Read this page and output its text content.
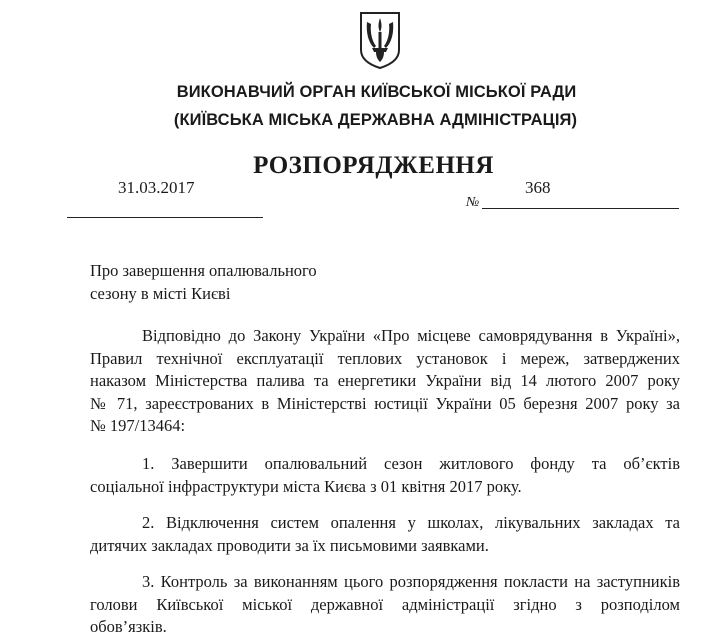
ВИКОНАВЧИЙ ОРГАН КИЇВСЬКОЇ МІСЬКОЇ РАДИ
(КИЇВСЬКА МІСЬКА ДЕРЖАВНА АДМІНІСТРАЦІЯ)
РОЗПОРЯДЖЕННЯ
31.03.2017
№
368
Про завершення опалювального
сезону в місті Києві
Відповідно до Закону України «Про місцеве самоврядування в Україні»,
Правил технічної експлуатації теплових установок і мереж, затверджених
наказом Міністерства палива та енергетики України від 14 лютого 2007 року
№ 71, зареєстрованих в Міністерстві юстиції України 05 березня 2007 року за
№ 197/13464:
1. Завершити опалювальний сезон житлового фонду та об’єктів
соціальної інфраструктури міста Києва з 01 квітня 2017 року.
2. Відключення систем опалення у школах, лікувальних закладах та
дитячих закладах проводити за їх письмовими заявками.
3. Контроль за виконанням цього розпорядження покласти на заступників
голови Київської міської державної адміністрації згідно з розподілом
обов’язків.
